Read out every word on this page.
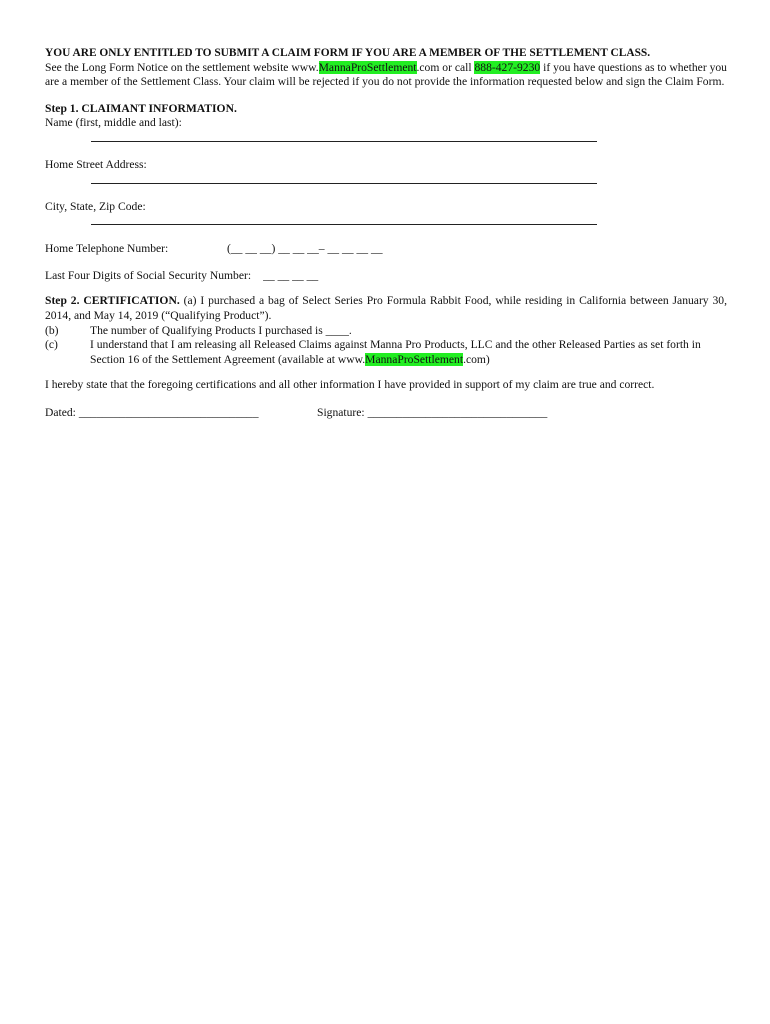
YOU ARE ONLY ENTITLED TO SUBMIT A CLAIM FORM IF YOU ARE A MEMBER OF THE SETTLEMENT CLASS.

See the Long Form Notice on the settlement website www.MannaProSettlement.com or call 888-427-9230 if you have questions as to whether you are a member of the Settlement Class. Your claim will be rejected if you do not provide the information requested below and sign the Claim Form.

Step 1. CLAIMANT INFORMATION.

Name (first, middle and last):

Home Street Address:

City, State, Zip Code:

Home Telephone Number:	(__ __ __) __ __ __– __ __ __ __
Last Four Digits of Social Security Number: __ __ __ __

Step 2. CERTIFICATION. (a) I purchased a bag of Select Series Pro Formula Rabbit Food, while residing in California between January 30, 2014, and May 14, 2019 (“Qualifying Product”).

(b)	The number of Qualifying Products I purchased is ____.
(c)	I understand that I am releasing all Released Claims against Manna Pro Products, LLC and the other Released Parties as set forth in Section 16 of the Settlement Agreement (available at www.MannaProSettlement.com)

I hereby state that the foregoing certifications and all other information I have provided in support of my claim are true and correct.

Dated: _______________________________	Signature: _______________________________
